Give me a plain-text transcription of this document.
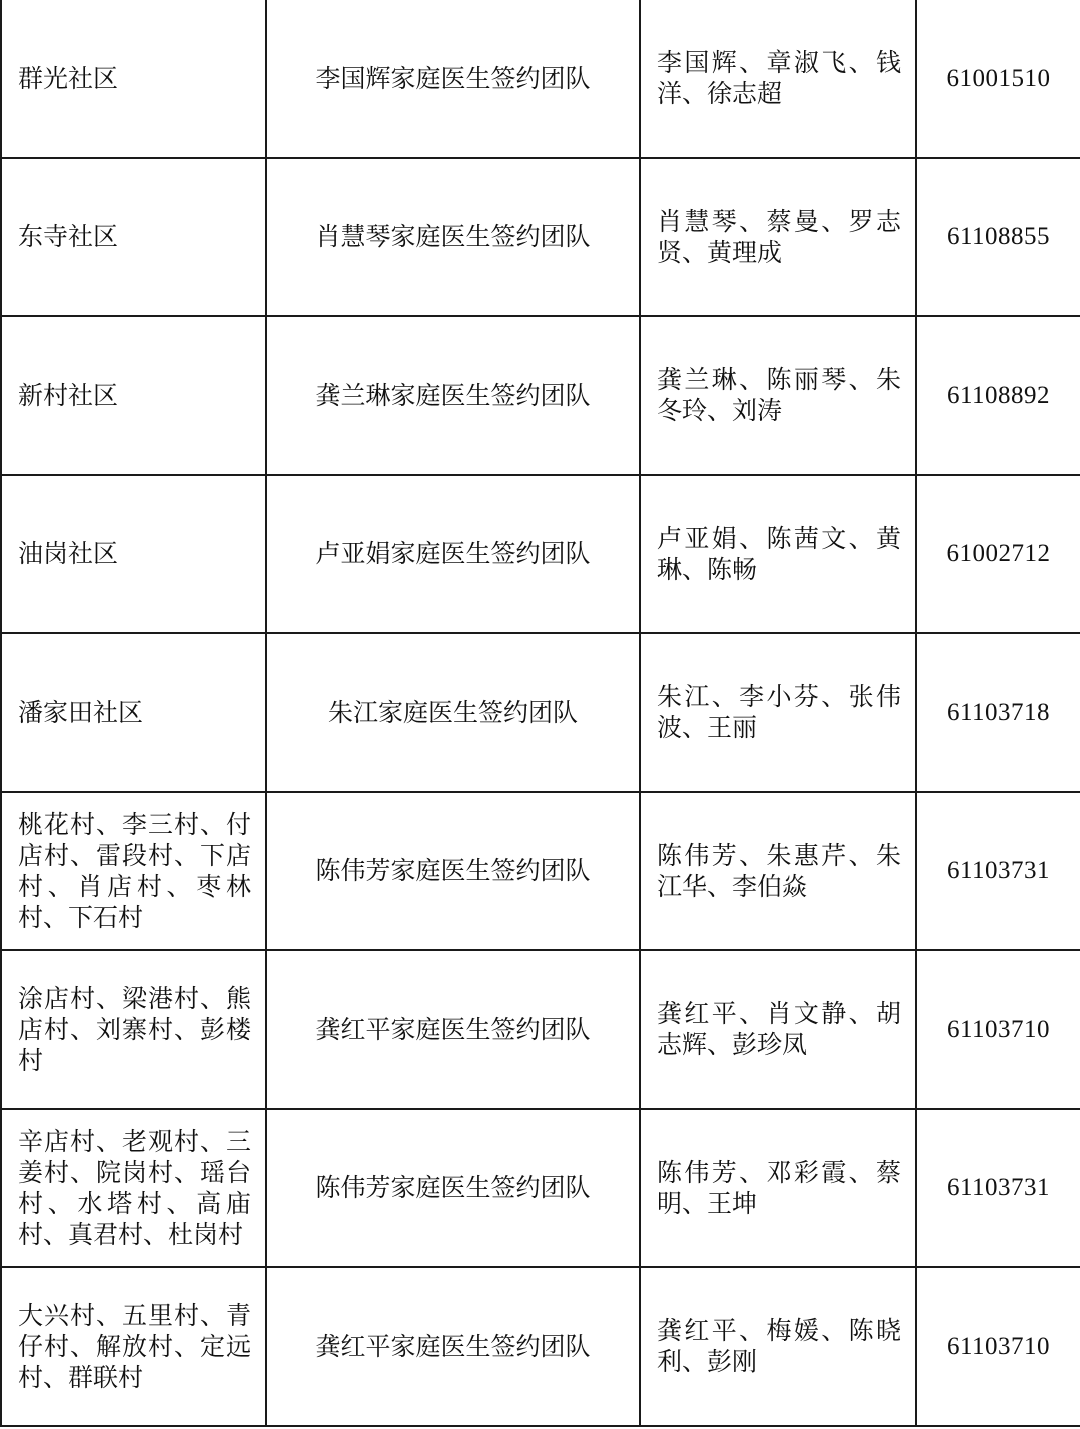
群光社区	李国辉家庭医生签约团队	李国辉、章淑飞、钱洋、徐志超	61001510
东寺社区	肖慧琴家庭医生签约团队	肖慧琴、蔡曼、罗志贤、黄理成	61108855
新村社区	龚兰琳家庭医生签约团队	龚兰琳、陈丽琴、朱冬玲、刘涛	61108892
油岗社区	卢亚娟家庭医生签约团队	卢亚娟、陈茜文、黄琳、陈畅	61002712
潘家田社区	朱江家庭医生签约团队	朱江、李小芬、张伟波、王丽	61103718
桃花村、李三村、付店村、雷段村、下店村、肖店村、枣林村、下石村	陈伟芳家庭医生签约团队	陈伟芳、朱惠芹、朱江华、李伯焱	61103731
涂店村、梁港村、熊店村、刘寨村、彭楼村	龚红平家庭医生签约团队	龚红平、肖文静、胡志辉、彭珍凤	61103710
辛店村、老观村、三姜村、院岗村、瑶台村、水塔村、高庙村、真君村、杜岗村	陈伟芳家庭医生签约团队	陈伟芳、邓彩霞、蔡明、王坤	61103731
大兴村、五里村、青仔村、解放村、定远村、群联村	龚红平家庭医生签约团队	龚红平、梅媛、陈晓利、彭刚	61103710
